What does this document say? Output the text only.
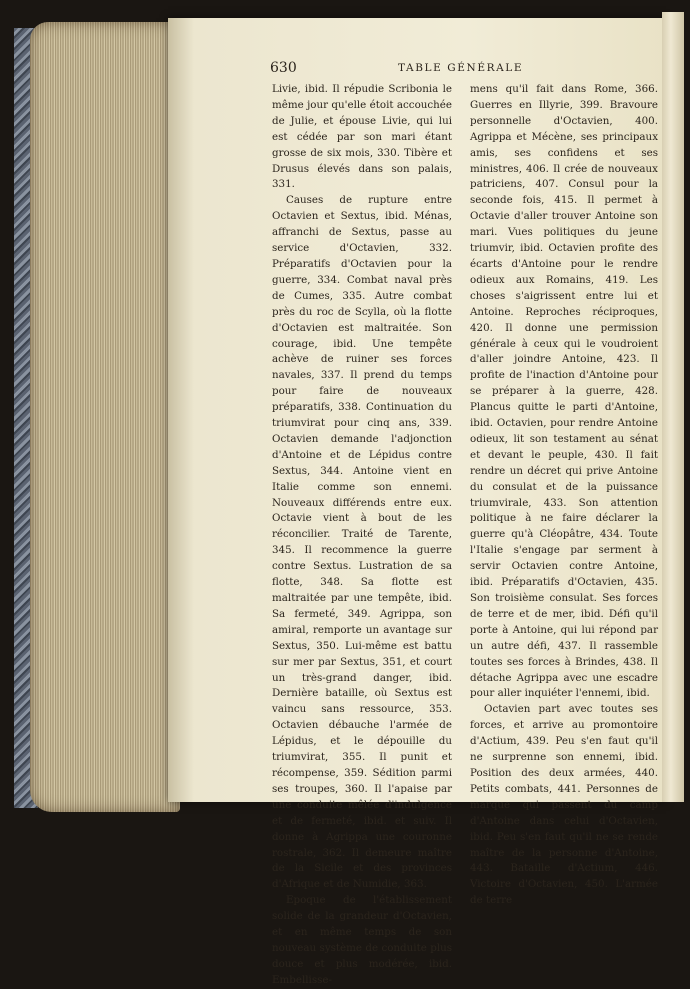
630	TABLE GÉNÉRALE

Livie, ibid. Il répudie Scribonia le même jour qu'elle étoit accouchée de Julie, et épouse Livie, qui lui est cédée par son mari étant grosse de six mois, 330. Tibère et Drusus élevés dans son palais, 331.

Causes de rupture entre Octavien et Sextus, ibid. Ménas, affranchi de Sextus, passe au service d'Octavien, 332. Préparatifs d'Octavien pour la guerre, 334. Combat naval près de Cumes, 335. Autre combat près du roc de Scylla, où la flotte d'Octavien est maltraitée. Son courage, ibid. Une tempête achève de ruiner ses forces navales, 337. Il prend du temps pour faire de nouveaux préparatifs, 338. Continuation du triumvirat pour cinq ans, 339. Octavien demande l'adjonction d'Antoine et de Lépidus contre Sextus, 344. Antoine vient en Italie comme son ennemi. Nouveaux différends entre eux. Octavie vient à bout de les réconcilier. Traité de Tarente, 345. Il recommence la guerre contre Sextus. Lustration de sa flotte, 348. Sa flotte est maltraitée par une tempête, ibid. Sa fermeté, 349. Agrippa, son amiral, remporte un avantage sur Sextus, 350. Lui-même est battu sur mer par Sextus, 351, et court un très-grand danger, ibid. Dernière bataille, où Sextus est vaincu sans ressource, 353. Octavien débauche l'armée de Lépidus, et le dépouille du triumvirat, 355. Il punit et récompense, 359. Sédition parmi ses troupes, 360. Il l'apaise par une conduite mêlée d'indulgence et de fermeté, ibid. et suiv. Il donne à Agrippa une couronne rostrale, 362. Il demeure maître de la Sicile et des provinces d'Afrique et de Numidie, 363.

Epoque de l'établissement solide de la grandeur d'Octavien, et en même temps de son nouveau système de conduite plus douce et plus modérée, ibid. Embellisse-

mens qu'il fait dans Rome, 366. Guerres en Illyrie, 399. Bravoure personnelle d'Octavien, 400. Agrippa et Mécène, ses principaux amis, ses confidens et ses ministres, 406. Il crée de nouveaux patriciens, 407. Consul pour la seconde fois, 415. Il permet à Octavie d'aller trouver Antoine son mari. Vues politiques du jeune triumvir, ibid. Octavien profite des écarts d'Antoine pour le rendre odieux aux Romains, 419. Les choses s'aigrissent entre lui et Antoine. Reproches réciproques, 420. Il donne une permission générale à ceux qui le voudroient d'aller joindre Antoine, 423. Il profite de l'inaction d'Antoine pour se préparer à la guerre, 428. Plancus quitte le parti d'Antoine, ibid. Octavien, pour rendre Antoine odieux, lit son testament au sénat et devant le peuple, 430. Il fait rendre un décret qui prive Antoine du consulat et de la puissance triumvirale, 433. Son attention politique à ne faire déclarer la guerre qu'à Cléopâtre, 434. Toute l'Italie s'engage par serment à servir Octavien contre Antoine, ibid. Préparatifs d'Octavien, 435. Son troisième consulat. Ses forces de terre et de mer, ibid. Défi qu'il porte à Antoine, qui lui répond par un autre défi, 437. Il rassemble toutes ses forces à Brindes, 438. Il détache Agrippa avec une escadre pour aller inquiéter l'ennemi, ibid.

Octavien part avec toutes ses forces, et arrive au promontoire d'Actium, 439. Peu s'en faut qu'il ne surprenne son ennemi, ibid. Position des deux armées, 440. Petits combats, 441. Personnes de marque qui passent du camp d'Antoine dans celui d'Octavien, ibid. Peu s'en faut qu'il ne se rende maître de la personne d'Antoine, 443. Bataille d'Actium, 446. Victoire d'Octavien, 450. L'armée de terre
